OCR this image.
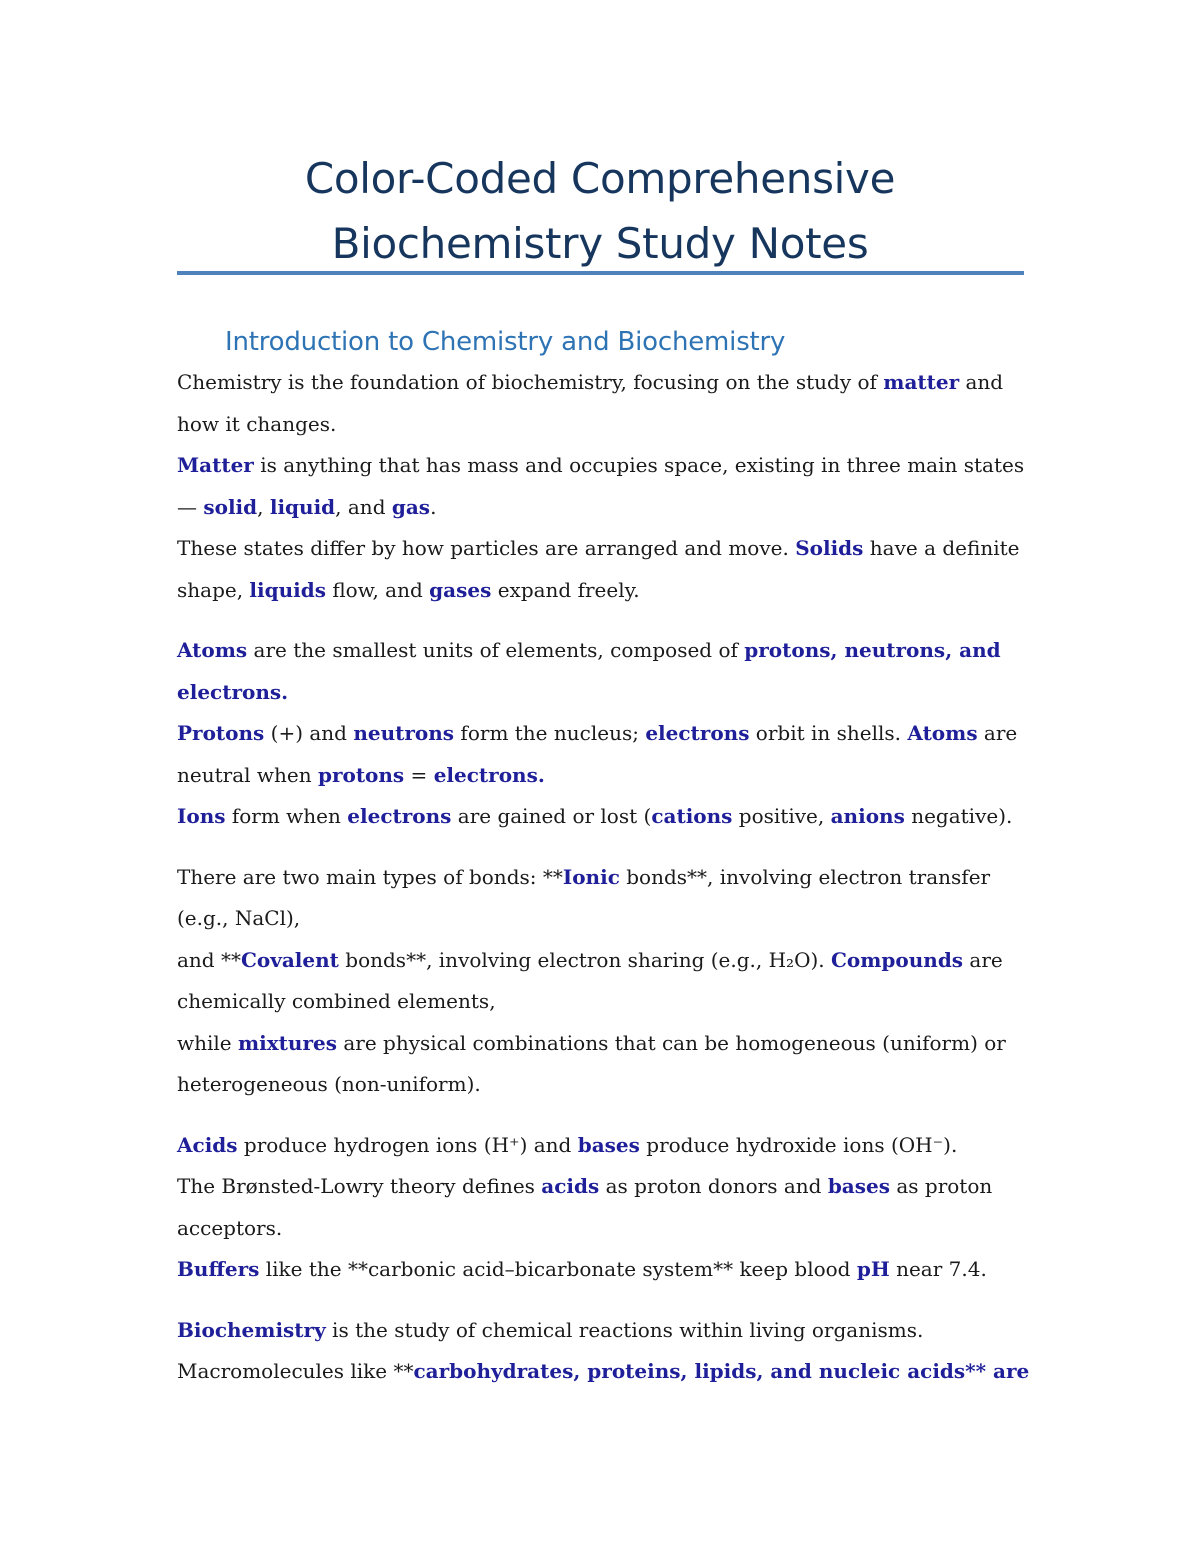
Color-Coded Comprehensive
Biochemistry Study Notes
Introduction to Chemistry and Biochemistry

Chemistry is the foundation of biochemistry, focusing on the study of matter and
how it changes.
Matter is anything that has mass and occupies space, existing in three main states
— solid, liquid, and gas.
These states differ by how particles are arranged and move. Solids have a definite
shape, liquids flow, and gases expand freely.

Atoms are the smallest units of elements, composed of protons, neutrons, and
electrons.
Protons (+) and neutrons form the nucleus; electrons orbit in shells. Atoms are
neutral when protons = electrons.
Ions form when electrons are gained or lost (cations positive, anions negative).

There are two main types of bonds: **Ionic bonds**, involving electron transfer
(e.g., NaCl),
and **Covalent bonds**, involving electron sharing (e.g., H₂O). Compounds are
chemically combined elements,
while mixtures are physical combinations that can be homogeneous (uniform) or
heterogeneous (non-uniform).

Acids produce hydrogen ions (H⁺) and bases produce hydroxide ions (OH⁻).
The Brønsted-Lowry theory defines acids as proton donors and bases as proton
acceptors.
Buffers like the **carbonic acid–bicarbonate system** keep blood pH near 7.4.

Biochemistry is the study of chemical reactions within living organisms.
Macromolecules like **carbohydrates, proteins, lipids, and nucleic acids** are
